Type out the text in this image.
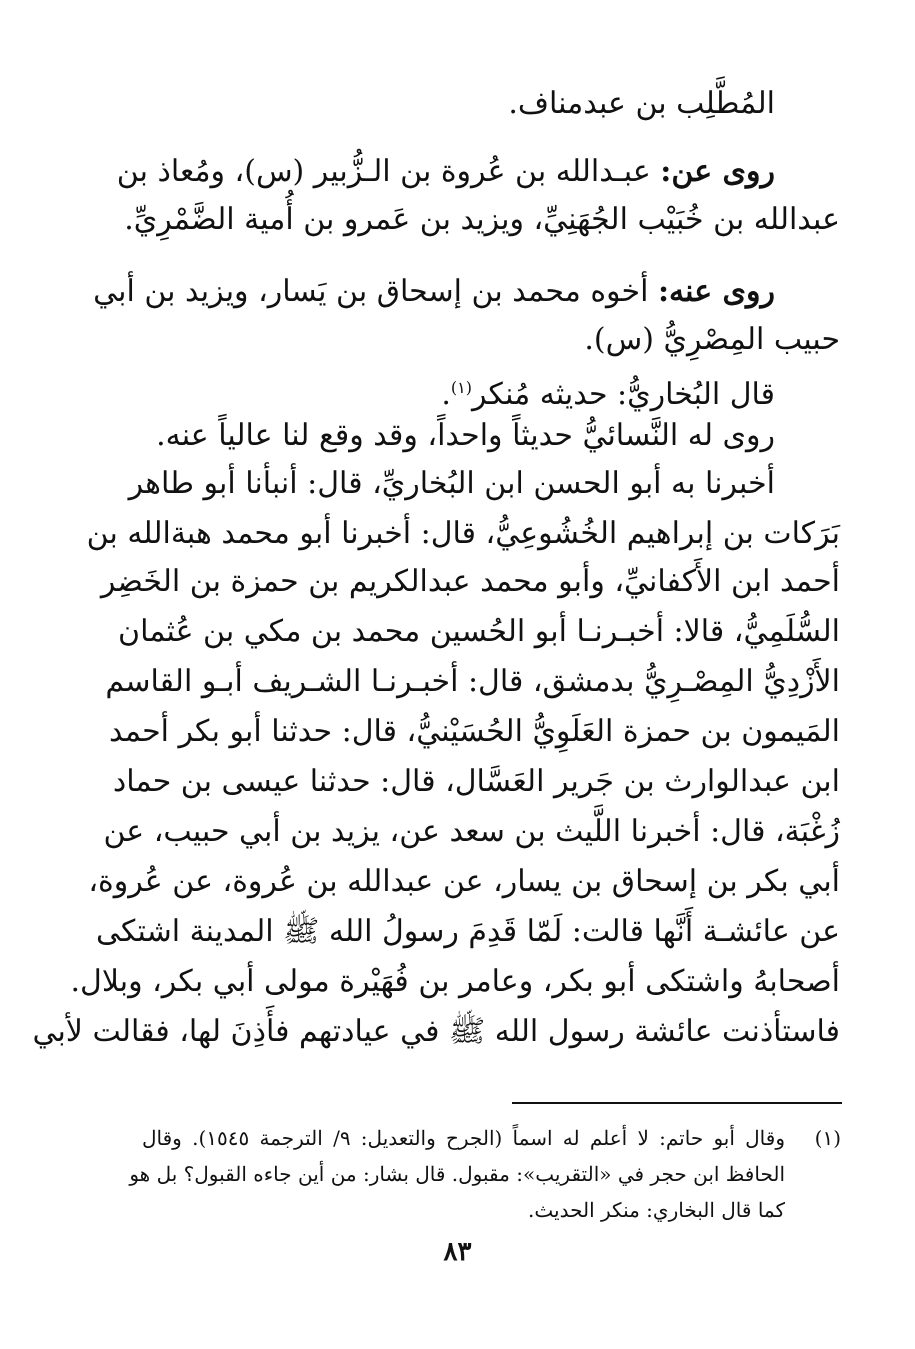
المُطَّلِب بن عبدمناف.
روى عن: عبـدالله بن عُروة بن الـزُّبير (س)، ومُعاذ بن
عبدالله بن خُبَيْب الجُهَنِيِّ، ويزيد بن عَمرو بن أُمية الضَّمْرِيِّ.
روى عنه: أخوه محمد بن إسحاق بن يَسار، ويزيد بن أبي
حبيب المِصْرِيُّ (س).
قال البُخاريُّ: حديثه مُنكر$^{(١)}$.
روى له النَّسائيُّ حديثاً واحداً، وقد وقع لنا عالياً عنه.
أخبرنا به أبو الحسن ابن البُخاريِّ، قال: أنبأنا أبو طاهر
بَرَكات بن إبراهيم الخُشُوعِيُّ، قال: أخبرنا أبو محمد هبةالله بن
أحمد ابن الأَكفانيِّ، وأبو محمد عبدالكريم بن حمزة بن الخَضِر
السُّلَمِيُّ، قالا: أخبـرنـا أبو الحُسين محمد بن مكي بن عُثمان
الأَزْدِيُّ المِصْـرِيُّ بدمشق، قال: أخبـرنـا الشـريف أبـو القاسم
المَيمون بن حمزة العَلَوِيُّ الحُسَيْنيُّ، قال: حدثنا أبو بكر أحمد
ابن عبدالوارث بن جَرير العَسَّال، قال: حدثنا عيسى بن حماد
زُغْبَة، قال: أخبرنا اللَّيث بن سعد عن، يزيد بن أبي حبيب، عن
أبي بكر بن إسحاق بن يسار، عن عبدالله بن عُروة، عن عُروة،
عن عائشـة أَنَّها قالت: لَمّا قَدِمَ رسولُ الله ﷺ المدينة اشتكى
أصحابهُ واشتكى أبو بكر، وعامر بن فُهَيْرة مولى أبي بكر، وبلال.
فاستأذنت عائشة رسول الله ﷺ في عيادتهم فأَذِنَ لها، فقالت لأبي
(١)
وقال أبو حاتم: لا أعلم له اسماً (الجرح والتعديل: ٩/ الترجمة ١٥٤٥). وقال
الحافظ ابن حجر في «التقريب»: مقبول. قال بشار: من أين جاءه القبول؟ بل هو
كما قال البخاري: منكر الحديث.
٨٣
